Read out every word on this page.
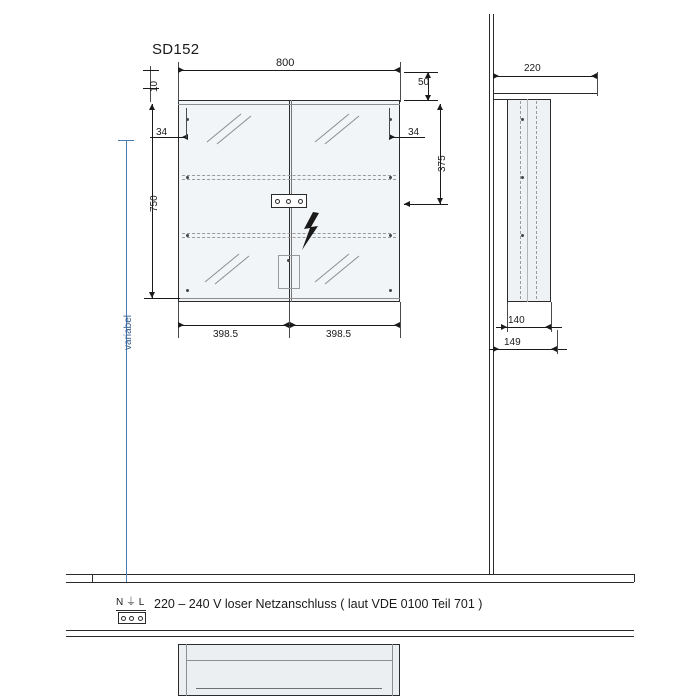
SD152
800
10	50
34	34
750
375
398.5	398.5
variabel
220
140
149
N ⏚ L 220 – 240 V loser Netzanschluss ( laut VDE 0100 Teil 701 )
